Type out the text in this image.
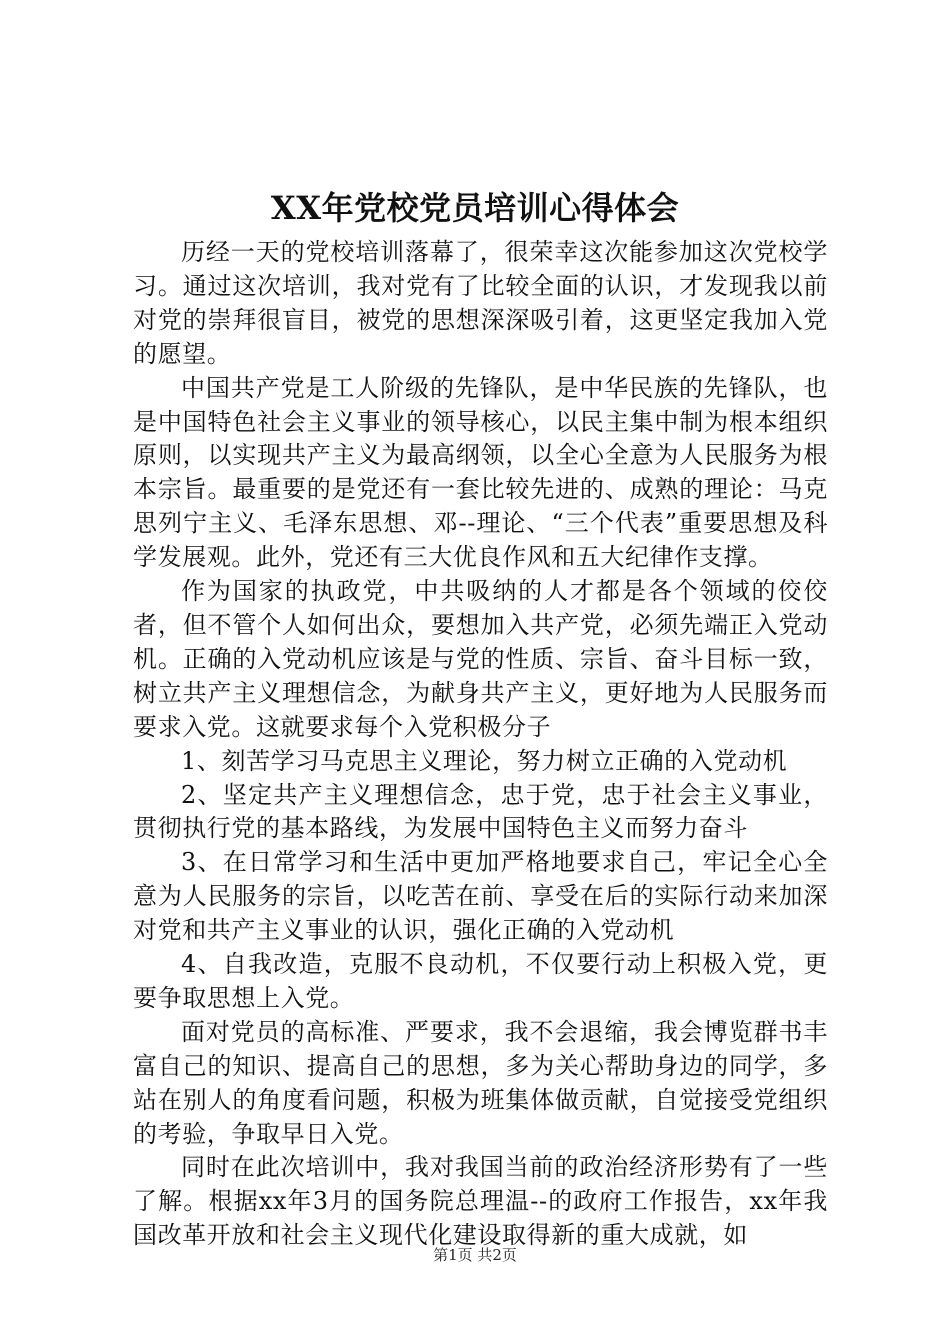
XX年党校党员培训心得体会

历经一天的党校培训落幕了，很荣幸这次能参加这次党校学习。通过这次培训，我对党有了比较全面的认识，才发现我以前对党的崇拜很盲目，被党的思想深深吸引着，这更坚定我加入党的愿望。

中国共产党是工人阶级的先锋队，是中华民族的先锋队，也是中国特色社会主义事业的领导核心，以民主集中制为根本组织原则，以实现共产主义为最高纲领，以全心全意为人民服务为根本宗旨。最重要的是党还有一套比较先进的、成熟的理论：马克思列宁主义、毛泽东思想、邓--理论、“三个代表”重要思想及科学发展观。此外，党还有三大优良作风和五大纪律作支撑。

作为国家的执政党，中共吸纳的人才都是各个领域的佼佼者，但不管个人如何出众，要想加入共产党，必须先端正入党动机。正确的入党动机应该是与党的性质、宗旨、奋斗目标一致，树立共产主义理想信念，为献身共产主义，更好地为人民服务而要求入党。这就要求每个入党积极分子

1、刻苦学习马克思主义理论，努力树立正确的入党动机

2、坚定共产主义理想信念，忠于党，忠于社会主义事业，贯彻执行党的基本路线，为发展中国特色主义而努力奋斗

3、在日常学习和生活中更加严格地要求自己，牢记全心全意为人民服务的宗旨，以吃苦在前、享受在后的实际行动来加深对党和共产主义事业的认识，强化正确的入党动机

4、自我改造，克服不良动机，不仅要行动上积极入党，更要争取思想上入党。

面对党员的高标准、严要求，我不会退缩，我会博览群书丰富自己的知识、提高自己的思想，多为关心帮助身边的同学，多站在别人的角度看问题，积极为班集体做贡献，自觉接受党组织的考验，争取早日入党。

同时在此次培训中，我对我国当前的政治经济形势有了一些了解。根据xx年3月的国务院总理温--的政府工作报告，xx年我国改革开放和社会主义现代化建设取得新的重大成就，如

第1页 共2页
